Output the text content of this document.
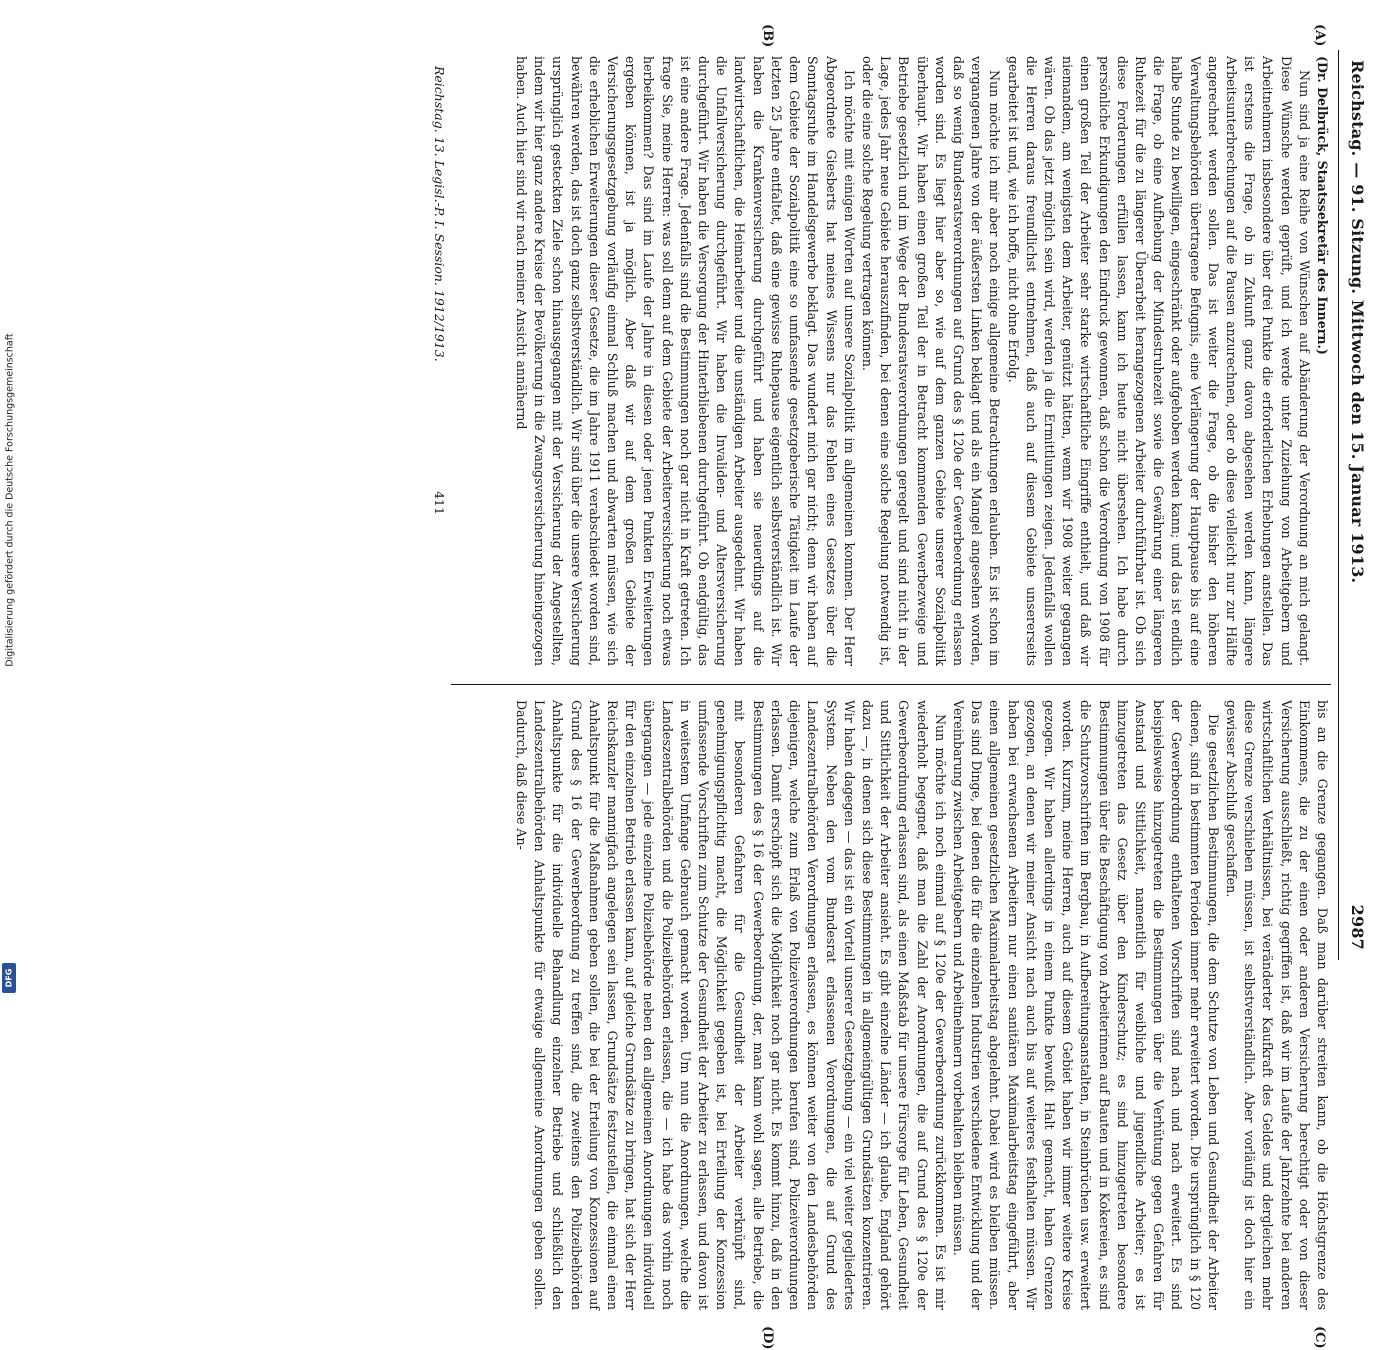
Digitalisierung gefördert durch die Deutsche Forschungsgemeinschaft
DFG
Reichstag. — 91. Sitzung. Mittwoch den 15. Januar 1913.
2987
(A)
(B)
(C)
(D)

(Dr. Delbrück, Staatssekretär des Innern.)

Nun sind ja eine Reihe von Wünschen auf Abänderung der Verordnung an mich gelangt. Diese Wünsche werden geprüft, und ich werde unter Zuziehung von Arbeitgebern und Arbeitnehmern insbesondere über drei Punkte die erforderlichen Erhebungen anstellen. Das ist erstens die Frage, ob in Zukunft ganz davon abgesehen werden kann, längere Arbeitsunterbrechungen auf die Pausen anzurechnen, oder ob diese vielleicht nur zur Hälfte angerechnet werden sollen. Das ist weiter die Frage, ob die bisher den höheren Verwaltungsbehörden übertragene Befugnis, eine Verlängerung der Hauptpause bis auf eine halbe Stunde zu bewilligen, eingeschränkt oder aufgehoben werden kann; und das ist endlich die Frage, ob eine Aufhebung der Mindestruhezeit sowie die Gewährung einer längeren Ruhezeit für die zu längerer Überarbeit herangezogenen Arbeiter durchführbar ist. Ob sich diese Forderungen erfüllen lassen, kann ich heute nicht übersehen. Ich habe durch persönliche Erkundigungen den Eindruck gewonnen, daß schon die Verordnung von 1908 für einen großen Teil der Arbeiter sehr starke wirtschaftliche Eingriffe enthielt, und daß wir niemandem, am wenigsten dem Arbeiter, genützt hätten, wenn wir 1908 weiter gegangen wären. Ob das jetzt möglich sein wird, werden ja die Ermittlungen zeigen. Jedenfalls wollen die Herren daraus freundlichst entnehmen, daß auch auf diesem Gebiete unsererseits gearbeitet ist und, wie ich hoffe, nicht ohne Erfolg.

Nun möchte ich mir aber noch einige allgemeine Betrachtungen erlauben. Es ist schon im vergangenen Jahre von der äußersten Linken beklagt und als ein Mangel angesehen worden, daß so wenig Bundesratsverordnungen auf Grund des § 120e der Gewerbeordnung erlassen worden sind. Es liegt hier aber so, wie auf dem ganzen Gebiete unserer Sozialpolitik überhaupt. Wir haben einen großen Teil der in Betracht kommenden Gewerbezweige und Betriebe gesetzlich und im Wege der Bundesratsverordnungen geregelt und sind nicht in der Lage, jedes Jahr neue Gebiete herauszufinden, bei denen eine solche Regelung notwendig ist, oder die eine solche Regelung vertragen können.

Ich möchte mit einigen Worten auf unsere Sozialpolitik im allgemeinen kommen. Der Herr Abgeordnete Giesberts hat meines Wissens nur das Fehlen eines Gesetzes über die Sonntagsruhe im Handelsgewerbe beklagt. Das wundert mich gar nicht; denn wir haben auf dem Gebiete der Sozialpolitik eine so umfassende gesetzgeberische Tätigkeit im Laufe der letzten 25 Jahre entfaltet, daß eine gewisse Ruhepause eigentlich selbstverständlich ist. Wir haben die Krankenversicherung durchgeführt und haben sie neuerdings auf die landwirtschaftlichen, die Heimarbeiter und die unständigen Arbeiter ausgedehnt. Wir haben die Unfallversicherung durchgeführt. Wir haben die Invaliden- und Altersversicherung durchgeführt. Wir haben die Versorgung der Hinterbliebenen durchgeführt. Ob endgültig, das ist eine andere Frage. Jedenfalls sind die Bestimmungen noch gar nicht in Kraft getreten. Ich frage Sie, meine Herren: was soll denn auf dem Gebiete der Arbeiterversicherung noch etwas herbeikommen? Das sind im Laufe der Jahre in diesen oder jenen Punkten Erweiterungen ergeben können, ist ja möglich. Aber daß wir auf dem großen Gebiete der Versicherungsgesetzgebung vorläufig einmal Schluß machen und abwarten müssen, wie sich die erheblichen Erweiterungen dieser Gesetze, die im Jahre 1911 verabschiedet worden sind, bewähren werden, das ist doch ganz selbstverständlich. Wir sind über die unsere Versicherung ursprünglich gesteckten Ziele schon hinausgegangen mit der Versicherung der Angestellten, indem wir hier ganz andere Kreise der Bevölkerung in die Zwangsversicherung hineingezogen haben. Auch hier sind wir nach meiner Ansicht annähernd

bis an die Grenze gegangen. Daß man darüber streiten kann, ob die Höchstgrenze des Einkommens, die zu der einen oder anderen Versicherung berechtigt oder von dieser Versicherung ausschließt, richtig gegriffen ist, daß wir im Laufe der Jahrzehnte bei anderen wirtschaftlichen Verhältnissen, bei veränderter Kaufkraft des Geldes und dergleichen mehr diese Grenze verschieben müssen, ist selbstverständlich. Aber vorläufig ist doch hier ein gewisser Abschluß geschaffen.

Die gesetzlichen Bestimmungen, die dem Schutze von Leben und Gesundheit der Arbeiter dienen, sind in bestimmten Perioden immer mehr erweitert worden. Die ursprünglich in § 120 der Gewerbeordnung enthaltenen Vorschriften sind nach und nach erweitert. Es sind beispielsweise hinzugetreten die Bestimmungen über die Verhütung gegen Gefahren für Anstand und Sittlichkeit, namentlich für weibliche und jugendliche Arbeiter; es ist hinzugetreten das Gesetz über den Kinderschutz; es sind hinzugetreten besondere Bestimmungen über die Beschäftigung von Arbeiterinnen auf Bauten und in Kokereien, es sind die Schutzvorschriften im Bergbau, in Aufbereitungsanstalten, in Steinbrüchen usw. erweitert worden. Kurzum, meine Herren, auch auf diesem Gebiet haben wir immer weitere Kreise gezogen. Wir haben allerdings in einem Punkte bewußt Halt gemacht, haben Grenzen gezogen, an denen wir meiner Ansicht nach auch bis auf weiteres festhalten müssen. Wir haben bei erwachsenen Arbeitern nur einen sanitären Maximalarbeitstag eingeführt, aber einen allgemeinen gesetzlichen Maximalarbeitstag abgelehnt. Dabei wird es bleiben müssen. Das sind Dinge, bei denen die für die einzelnen Industrien verschiedene Entwicklung und der Vereinbarung zwischen Arbeitgebern und Arbeitnehmern vorbehalten bleiben müssen.

Nun möchte ich noch einmal auf § 120e der Gewerbeordnung zurückkommen. Es ist mir wiederholt begegnet, daß man die Zahl der Anordnungen, die auf Grund des § 120e der Gewerbeordnung erlassen sind, als einen Maßstab für unsere Fürsorge für Leben, Gesundheit und Sittlichkeit der Arbeiter ansieht. Es gibt einzelne Länder — ich glaube, England gehört dazu —, in denen sich diese Bestimmungen in allgemeingültigen Grundsätzen konzentrieren. Wir haben dagegen — das ist ein Vorteil unserer Gesetzgebung — ein viel weiter gegliedertes System. Neben den vom Bundesrat erlassenen Verordnungen, die auf Grund des Landeszentralbehörden Verordnungen erlassen, es können weiter von den Landesbehörden diejenigen, welche zum Erlaß von Polizeiverordnungen berufen sind, Polizeiverordnungen erlassen. Damit erschöpft sich die Möglichkeit noch gar nicht. Es kommt hinzu, daß in den Bestimmungen des § 16 der Gewerbeordnung, der, man kann wohl sagen, alle Betriebe, die mit besonderen Gefahren für die Gesundheit der Arbeiter verknüpft sind, genehmigungspflichtig macht, die Möglichkeit gegeben ist, bei Erteilung der Konzession umfassende Vorschriften zum Schutze der Gesundheit der Arbeiter zu erlassen, und davon ist in weitestem Umfange Gebrauch gemacht worden. Um nun die Anordnungen, welche die Landeszentralbehörden und die Polizeibehörden erlassen, die — ich habe das vorhin noch übergangen — jede einzelne Polizeibehörde neben den allgemeinen Anordnungen individuell für den einzelnen Betrieb erlassen kann, auf gleiche Grundsätze zu bringen, hat sich der Herr Reichskanzler mannigfach angelegen sein lassen, Grundsätze festzustellen, die einmal einen Anhaltspunkt für die Maßnahmen geben sollen, die bei der Erteilung von Konzessionen auf Grund des § 16 der Gewerbeordnung zu treffen sind, die zweitens den Polizeibehörden Anhaltspunkte für die individuelle Behandlung einzelner Betriebe und schließlich den Landeszentralbehörden Anhaltspunkte für etwaige allgemeine Anordnungen geben sollen. Dadurch, daß diese An-

Reichstag. 13. Legisl.-P. I. Session. 1912/1913.
411
